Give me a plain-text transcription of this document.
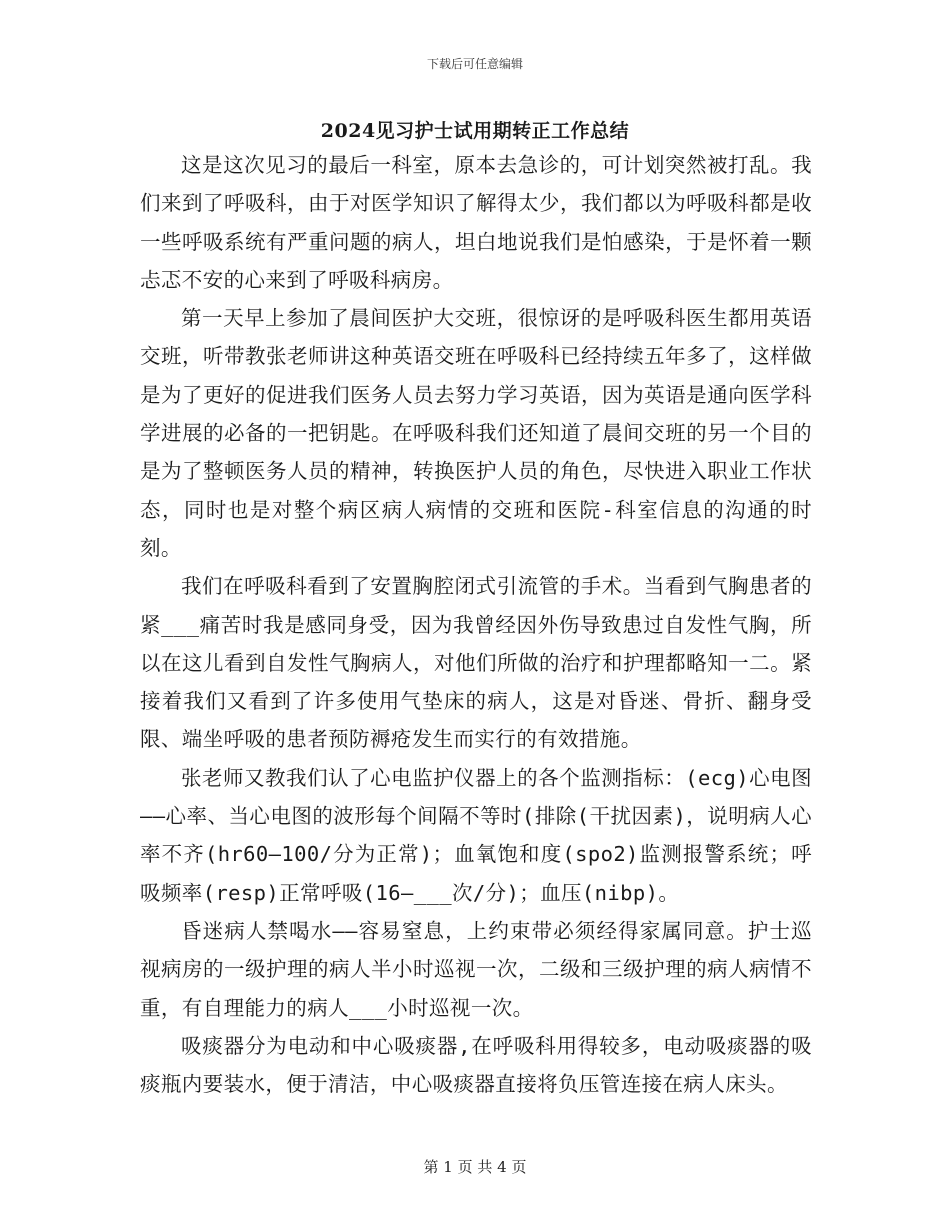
下载后可任意编辑
2024见习护士试用期转正工作总结

这是这次见习的最后一科室，原本去急诊的，可计划突然被打乱。我们来到了呼吸科，由于对医学知识了解得太少，我们都以为呼吸科都是收一些呼吸系统有严重问题的病人，坦白地说我们是怕感染，于是怀着一颗忐忑不安的心来到了呼吸科病房。

第一天早上参加了晨间医护大交班，很惊讶的是呼吸科医生都用英语交班，听带教张老师讲这种英语交班在呼吸科已经持续五年多了，这样做是为了更好的促进我们医务人员去努力学习英语，因为英语是通向医学科学进展的必备的一把钥匙。在呼吸科我们还知道了晨间交班的另一个目的是为了整顿医务人员的精神，转换医护人员的角色，尽快进入职业工作状态，同时也是对整个病区病人病情的交班和医院-科室信息的沟通的时刻。

我们在呼吸科看到了安置胸腔闭式引流管的手术。当看到气胸患者的紧___痛苦时我是感同身受，因为我曾经因外伤导致患过自发性气胸，所以在这儿看到自发性气胸病人，对他们所做的治疗和护理都略知一二。紧接着我们又看到了许多使用气垫床的病人，这是对昏迷、骨折、翻身受限、端坐呼吸的患者预防褥疮发生而实行的有效措施。

张老师又教我们认了心电监护仪器上的各个监测指标：(ecg)心电图——心率、当心电图的波形每个间隔不等时(排除(干扰因素)，说明病人心率不齐(hr60—100/分为正常)；血氧饱和度(spo2)监测报警系统；呼吸频率(resp)正常呼吸(16—___次/分)；血压(nibp)。

昏迷病人禁喝水——容易窒息，上约束带必须经得家属同意。护士巡视病房的一级护理的病人半小时巡视一次，二级和三级护理的病人病情不重，有自理能力的病人___小时巡视一次。

吸痰器分为电动和中心吸痰器,在呼吸科用得较多，电动吸痰器的吸痰瓶内要装水，便于清洁，中心吸痰器直接将负压管连接在病人床头。

第 1 页 共 4 页
